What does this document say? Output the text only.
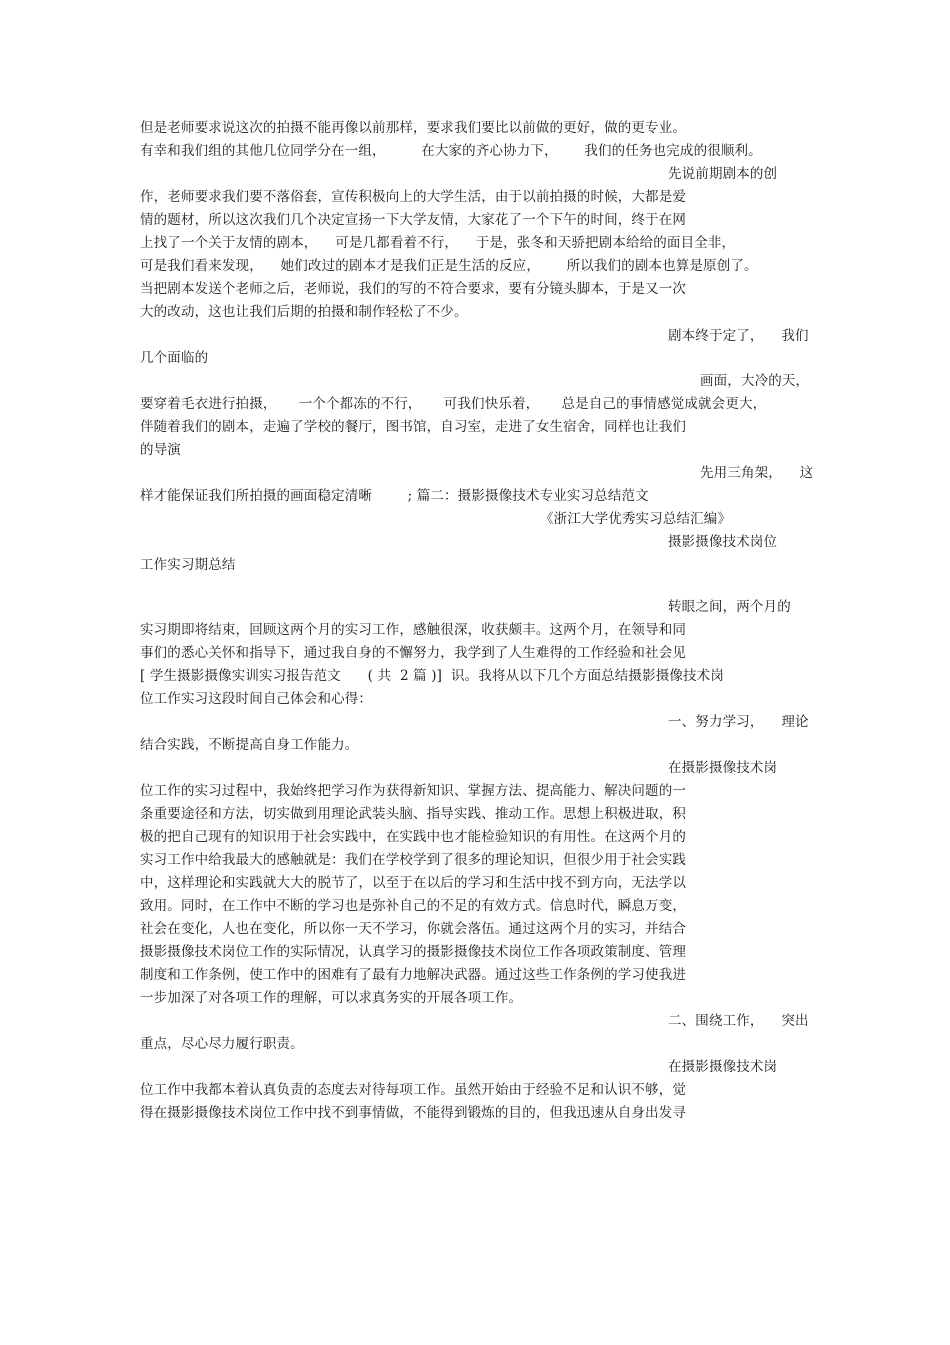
但是老师要求说这次的拍摄不能再像以前那样，要求我们要比以前做的更好，做的更专业。
有幸和我们组的其他几位同学分在一组，        在大家的齐心协力下，      我们的任务也完成的很顺利。
先说前期剧本的创
作，老师要求我们要不落俗套，宣传积极向上的大学生活，由于以前拍摄的时候，大都是爱
情的题材，所以这次我们几个决定宣扬一下大学友情，大家花了一个下午的时间，终于在网
上找了一个关于友情的剧本，    可是几都看着不行，    于是，张冬和天骄把剧本给给的面目全非，
可是我们看来发现，    她们改过的剧本才是我们正是生活的反应，      所以我们的剧本也算是原创了。
当把剧本发送个老师之后，老师说，我们的写的不符合要求，要有分镜头脚本，于是又一次
大的改动，这也让我们后期的拍摄和制作轻松了不少。
剧本终于定了，    我们
几个面临的
画面，大冷的天，
要穿着毛衣进行拍摄，     一个个都冻的不行，     可我们快乐着，     总是自己的事情感觉成就会更大，
伴随着我们的剧本，走遍了学校的餐厅，图书馆，自习室，走进了女生宿舍，同样也让我们
的导演
先用三角架，    这
样才能保证我们所拍摄的画面稳定清晰        ; 篇二：摄影摄像技术专业实习总结范文
《浙江大学优秀实习总结汇编》
摄影摄像技术岗位
工作实习期总结
转眼之间，两个月的
实习期即将结束，回顾这两个月的实习工作，感触很深，收获颇丰。这两个月，在领导和同
事们的悉心关怀和指导下，通过我自身的不懈努力，我学到了人生难得的工作经验和社会见
[ 学生摄影摄像实训实习报告范文      ( 共  2 篇 )]  识。我将从以下几个方面总结摄影摄像技术岗
位工作实习这段时间自己体会和心得：
一、努力学习，    理论
结合实践，不断提高自身工作能力。
在摄影摄像技术岗
位工作的实习过程中，我始终把学习作为获得新知识、掌握方法、提高能力、解决问题的一
条重要途径和方法，切实做到用理论武装头脑、指导实践、推动工作。思想上积极进取，积
极的把自己现有的知识用于社会实践中，在实践中也才能检验知识的有用性。在这两个月的
实习工作中给我最大的感触就是：我们在学校学到了很多的理论知识，但很少用于社会实践
中，这样理论和实践就大大的脱节了，以至于在以后的学习和生活中找不到方向，无法学以
致用。同时，在工作中不断的学习也是弥补自己的不足的有效方式。信息时代，瞬息万变，
社会在变化，人也在变化，所以你一天不学习，你就会落伍。通过这两个月的实习，并结合
摄影摄像技术岗位工作的实际情况，认真学习的摄影摄像技术岗位工作各项政策制度、管理
制度和工作条例，使工作中的困难有了最有力地解决武器。通过这些工作条例的学习使我进
一步加深了对各项工作的理解，可以求真务实的开展各项工作。
二、围绕工作，    突出
重点，尽心尽力履行职责。
在摄影摄像技术岗
位工作中我都本着认真负责的态度去对待每项工作。虽然开始由于经验不足和认识不够，觉
得在摄影摄像技术岗位工作中找不到事情做，不能得到锻炼的目的，但我迅速从自身出发寻
